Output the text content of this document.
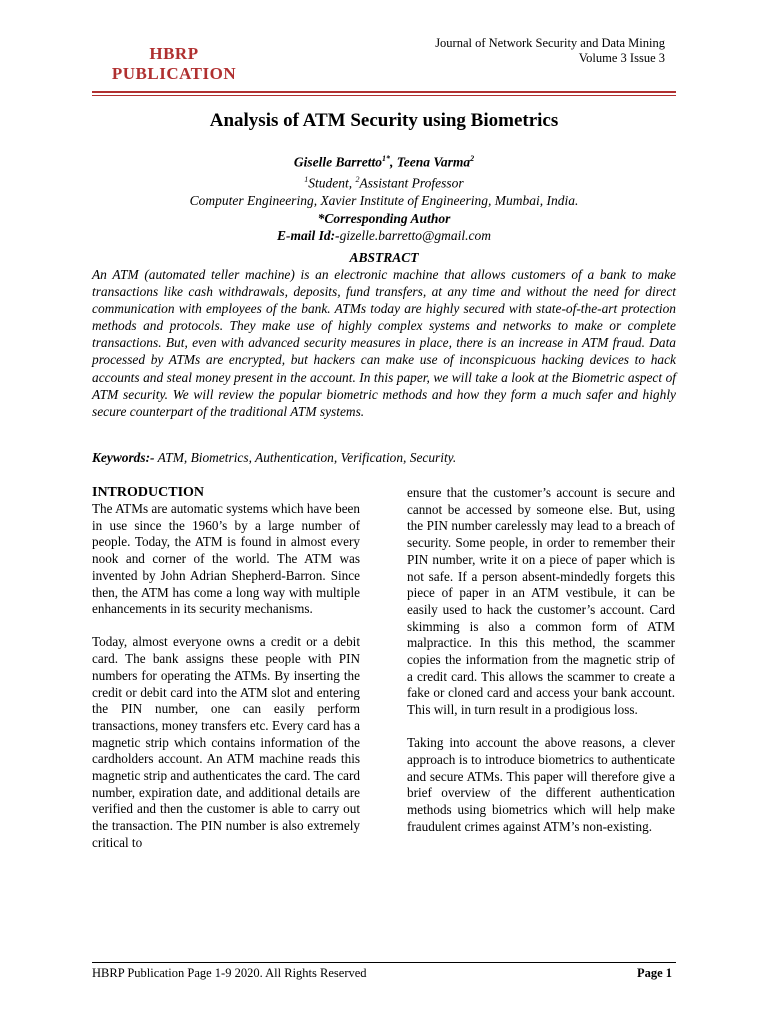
HBRP
PUBLICATION
Journal of Network Security and Data Mining
Volume 3 Issue 3
Analysis of ATM Security using Biometrics
Giselle Barretto$^{1*}$, Teena Varma$^2$
$^1$Student, $^2$Assistant Professor
Computer Engineering, Xavier Institute of Engineering, Mumbai, India.
*Corresponding Author
E-mail Id:-gizelle.barretto@gmail.com
ABSTRACT
An ATM (automated teller machine) is an electronic machine that allows customers of a bank to make transactions like cash withdrawals, deposits, fund transfers, at any time and without the need for direct communication with employees of the bank. ATMs today are highly secured with state-of-the-art protection methods and protocols. They make use of highly complex systems and networks to make or complete transactions. But, even with advanced security measures in place, there is an increase in ATM fraud. Data processed by ATMs are encrypted, but hackers can make use of inconspicuous hacking devices to hack accounts and steal money present in the account. In this paper, we will take a look at the Biometric aspect of ATM security. We will review the popular biometric methods and how they form a much safer and highly secure counterpart of the traditional ATM systems.
Keywords:- ATM, Biometrics, Authentication, Verification, Security.
INTRODUCTION

The ATMs are automatic systems which have been in use since the 1960’s by a large number of people. Today, the ATM is found in almost every nook and corner of the world. The ATM was invented by John Adrian Shepherd-Barron. Since then, the ATM has come a long way with multiple enhancements in its security mechanisms.

Today, almost everyone owns a credit or a debit card. The bank assigns these people with PIN numbers for operating the ATMs. By inserting the credit or debit card into the ATM slot and entering the PIN number, one can easily perform transactions, money transfers etc. Every card has a magnetic strip which contains information of the cardholders account. An ATM machine reads this magnetic strip and authenticates the card. The card number, expiration date, and additional details are verified and then the customer is able to carry out the transaction. The PIN number is also extremely critical to

ensure that the customer’s account is secure and cannot be accessed by someone else. But, using the PIN number carelessly may lead to a breach of security. Some people, in order to remember their PIN number, write it on a piece of paper which is not safe. If a person absent-mindedly forgets this piece of paper in an ATM vestibule, it can be easily used to hack the customer’s account. Card skimming is also a common form of ATM malpractice. In this this method, the scammer copies the information from the magnetic strip of a credit card. This allows the scammer to create a fake or cloned card and access your bank account. This will, in turn result in a prodigious loss.

Taking into account the above reasons, a clever approach is to introduce biometrics to authenticate and secure ATMs. This paper will therefore give a brief overview of the different authentication methods using biometrics which will help make fraudulent crimes against ATM’s non-existing.

HBRP Publication Page 1-9 2020. All Rights Reserved	Page 1
